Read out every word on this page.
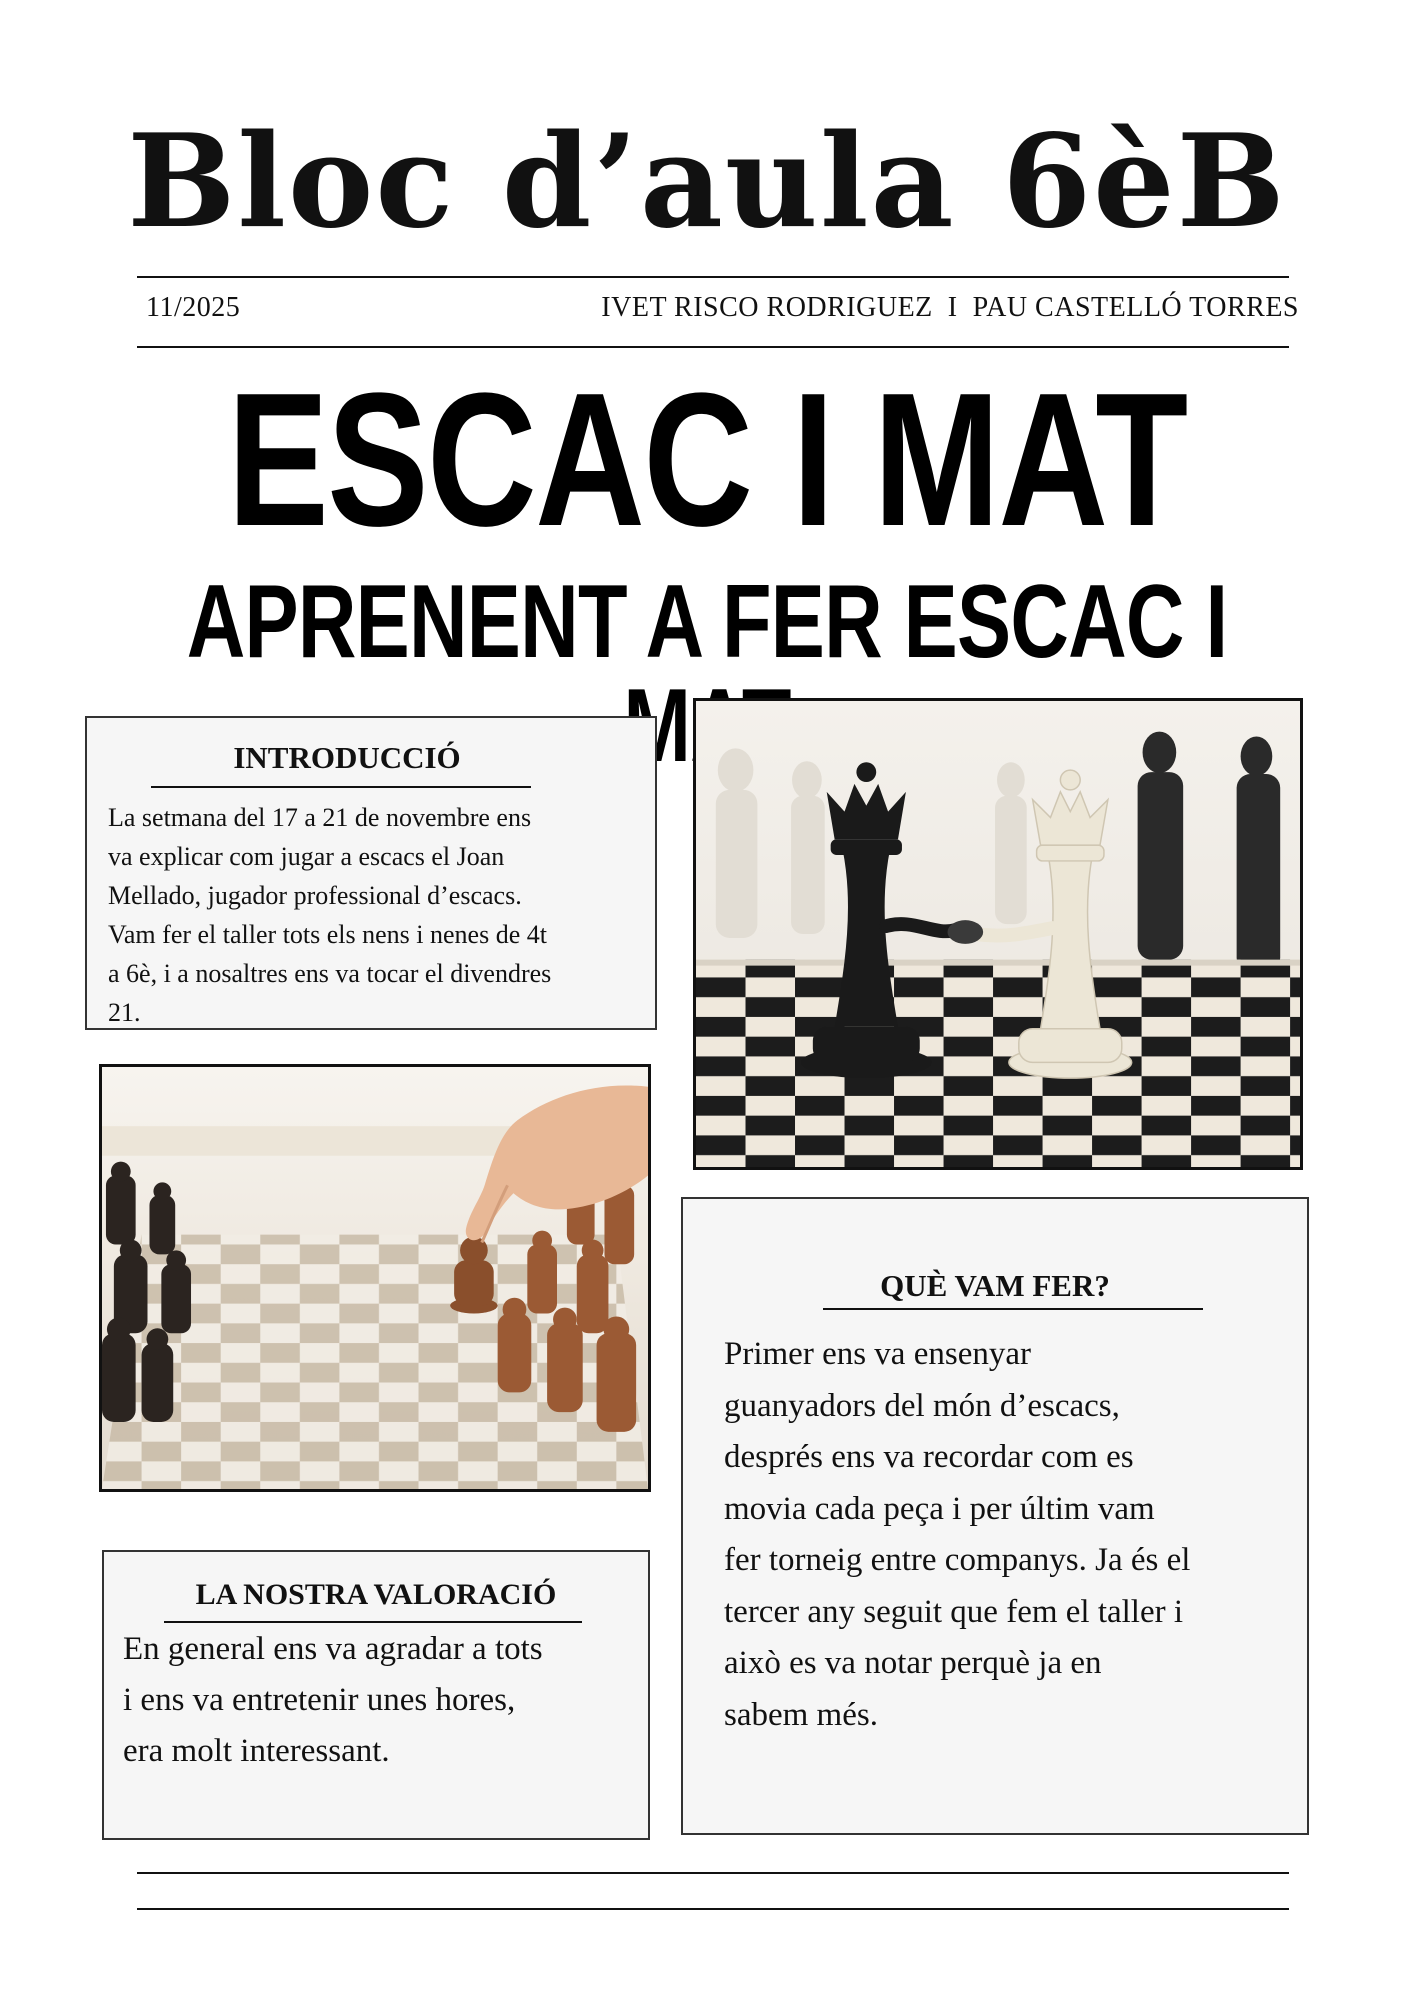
Bloc d’aula 6èB
11/2025	IVET RISCO RODRIGUEZ  I  PAU CASTELLÓ TORRES
ESCAC I MAT
APRENENT A FER ESCAC I
INTRODUCCIÓ
La setmana del 17 a 21 de novembre ens
va explicar com jugar a escacs el Joan
Mellado, jugador professional d’escacs.
Vam fer el taller tots els nens i nenes de 4t
a 6è, i a nosaltres ens va tocar el divendres
21.
QUÈ VAM FER?
Primer ens va ensenyar
guanyadors del món d’escacs,
després ens va recordar com es
movia cada peça i per últim vam
fer torneig entre companys. Ja és el
tercer any seguit que fem el taller i
això es va notar perquè ja en
sabem més.
LA NOSTRA VALORACIÓ
En general ens va agradar a tots
i ens va entretenir unes hores,
era molt interessant.
